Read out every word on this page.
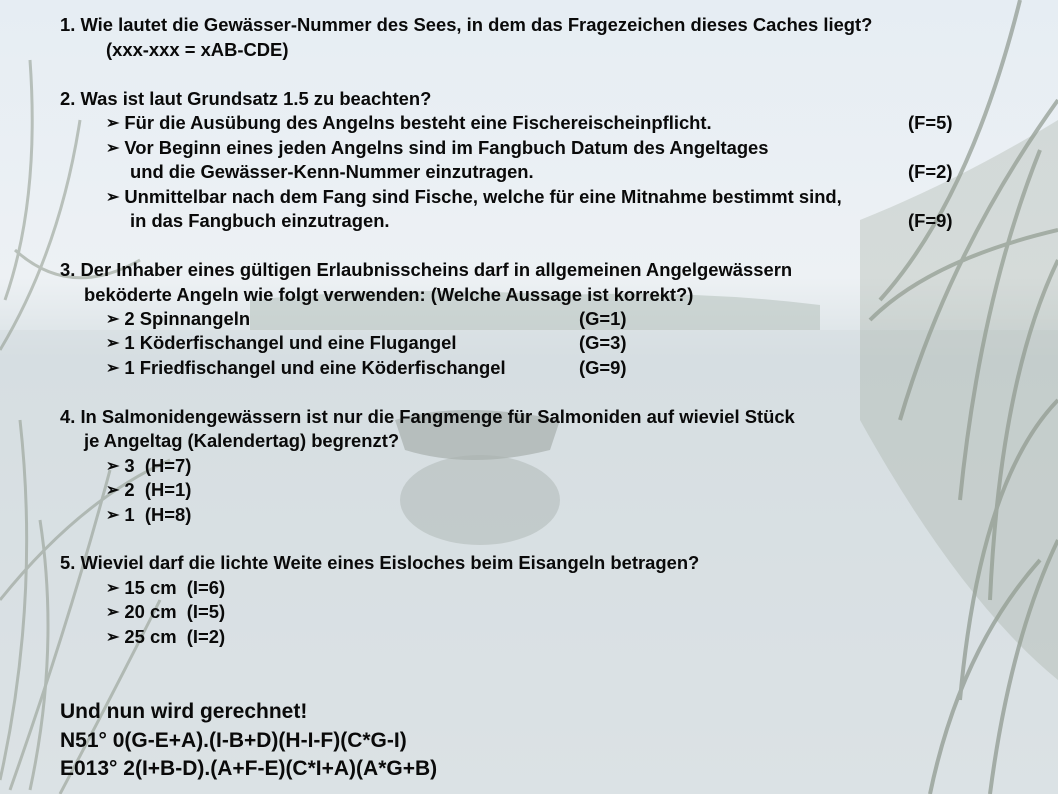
1. Wie lautet die Gewässer-Nummer des Sees, in dem das Fragezeichen dieses Caches liegt?
(xxx-xxx = xAB-CDE)
2. Was ist laut Grundsatz 1.5 zu beachten?
➢ Für die Ausübung des Angelns besteht eine Fischereischeinpflicht.	(F=5)
➢ Vor Beginn eines jeden Angelns sind im Fangbuch Datum des Angeltages
und die Gewässer-Kenn-Nummer einzutragen.	(F=2)
➢ Unmittelbar nach dem Fang sind Fische, welche für eine Mitnahme bestimmt sind,
in das Fangbuch einzutragen.	(F=9)
3. Der Inhaber eines gültigen Erlaubnisscheins darf in allgemeinen Angelgewässern
beköderte Angeln wie folgt verwenden: (Welche Aussage ist korrekt?)
➢ 2 Spinnangeln	(G=1)
➢ 1 Köderfischangel und eine Flugangel	(G=3)
➢ 1 Friedfischangel und eine Köderfischangel	(G=9)
4. In Salmonidengewässern ist nur die Fangmenge für Salmoniden auf wieviel Stück
je Angeltag (Kalendertag) begrenzt?
➢ 3  (H=7)
➢ 2  (H=1)
➢ 1  (H=8)
5. Wieviel darf die lichte Weite eines Eisloches beim Eisangeln betragen?
➢ 15 cm  (I=6)
➢ 20 cm  (I=5)
➢ 25 cm  (I=2)
Und nun wird gerechnet!
N51° 0(G-E+A).(I-B+D)(H-I-F)(C*G-I)
E013° 2(I+B-D).(A+F-E)(C*I+A)(A*G+B)
